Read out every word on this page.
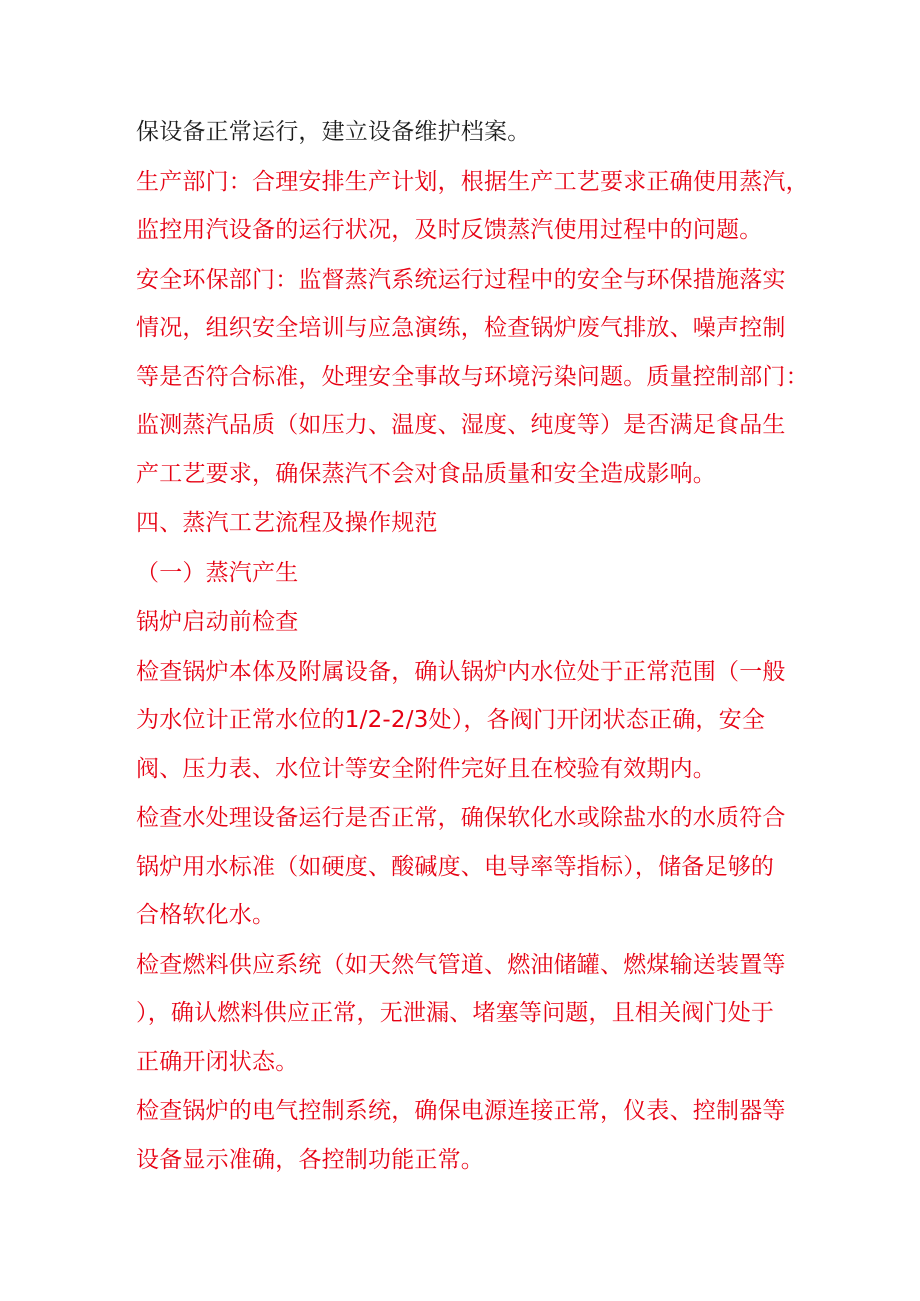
保设备正常运行，建立设备维护档案。

生产部门：合理安排生产计划，根据生产工艺要求正确使用蒸汽，
监控用汽设备的运行状况，及时反馈蒸汽使用过程中的问题。

安全环保部门：监督蒸汽系统运行过程中的安全与环保措施落实
情况，组织安全培训与应急演练，检查锅炉废气排放、噪声控制
等是否符合标准，处理安全事故与环境污染问题。质量控制部门：
监测蒸汽品质（如压力、温度、湿度、纯度等）是否满足食品生
产工艺要求，确保蒸汽不会对食品质量和安全造成影响。

四、蒸汽工艺流程及操作规范

（一）蒸汽产生

锅炉启动前检查

检查锅炉本体及附属设备，确认锅炉内水位处于正常范围（一般
为水位计正常水位的1/2-2/3处），各阀门开闭状态正确，安全
阀、压力表、水位计等安全附件完好且在校验有效期内。

检查水处理设备运行是否正常，确保软化水或除盐水的水质符合
锅炉用水标准（如硬度、酸碱度、电导率等指标），储备足够的
合格软化水。

检查燃料供应系统（如天然气管道、燃油储罐、燃煤输送装置等
），确认燃料供应正常，无泄漏、堵塞等问题，且相关阀门处于
正确开闭状态。

检查锅炉的电气控制系统，确保电源连接正常，仪表、控制器等
设备显示准确，各控制功能正常。
